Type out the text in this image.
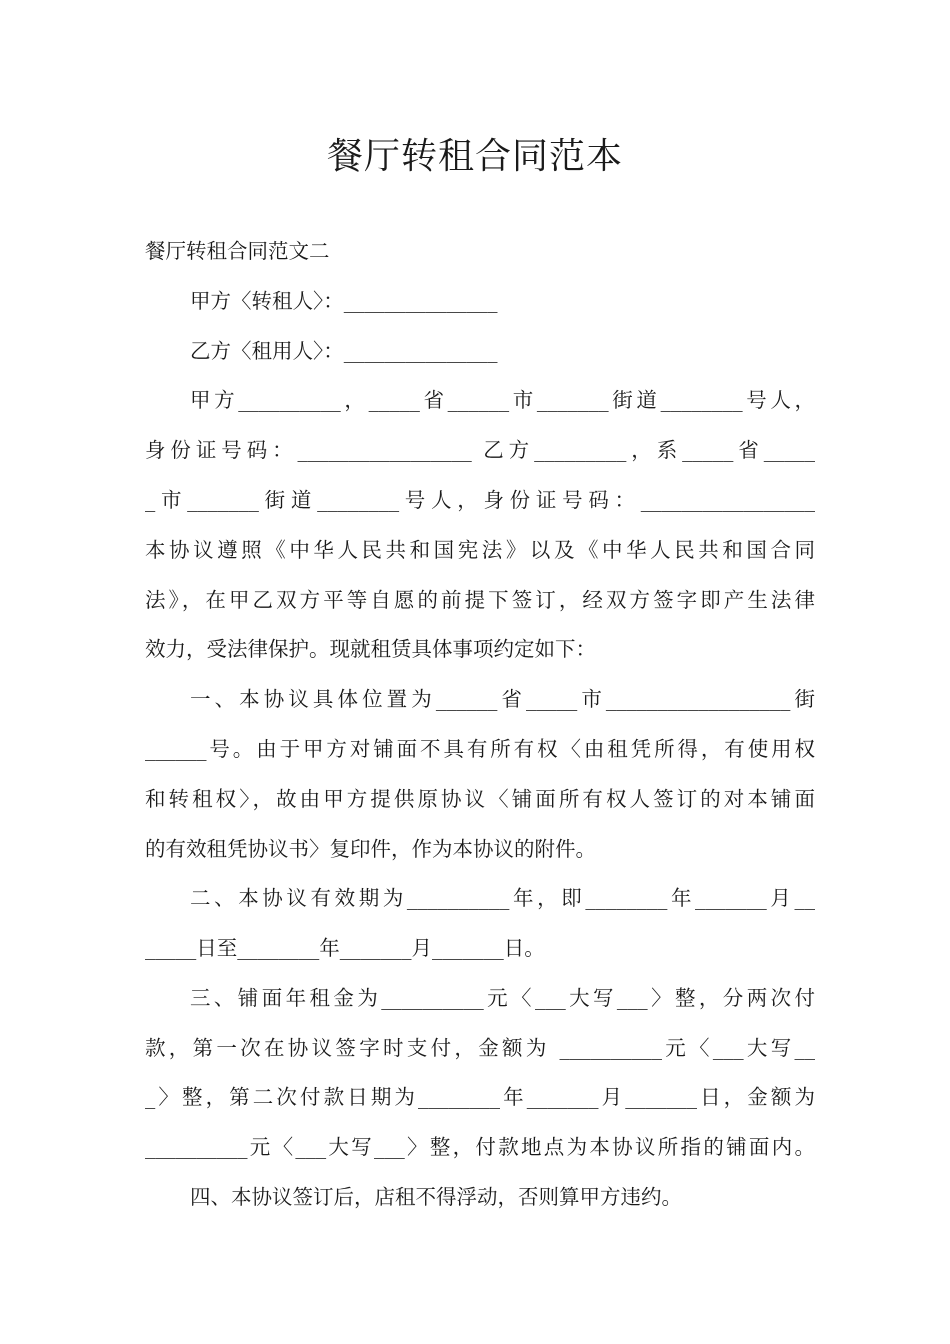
餐厅转租合同范本

餐厅转租合同范文二

甲方〈转租人〉：_______________

乙方〈租用人〉：_______________

甲方__________，_____省______市_______街道________号人，

身份证号码：_________________ 乙方_________，系_____省_____

_市_______街道________号人，身份证号码：_________________

本协议遵照《中华人民共和国宪法》以及《中华人民共和国合同

法》，在甲乙双方平等自愿的前提下签订，经双方签字即产生法律

效力，受法律保护。现就租赁具体事项约定如下：

一、本协议具体位置为______省_____市__________________街

______号。由于甲方对铺面不具有所有权〈由租凭所得，有使用权

和转租权〉，故由甲方提供原协议〈铺面所有权人签订的对本铺面

的有效租凭协议书〉复印件，作为本协议的附件。

二、本协议有效期为__________年，即________年_______月__

_____日至________年_______月_______日。

三、铺面年租金为__________元〈___大写___〉整，分两次付

款，第一次在协议签字时支付，金额为 __________元〈___大写__

_〉整，第二次付款日期为________年_______月_______日，金额为

__________元〈___大写___〉整，付款地点为本协议所指的铺面内。

四、本协议签订后，店租不得浮动，否则算甲方违约。
